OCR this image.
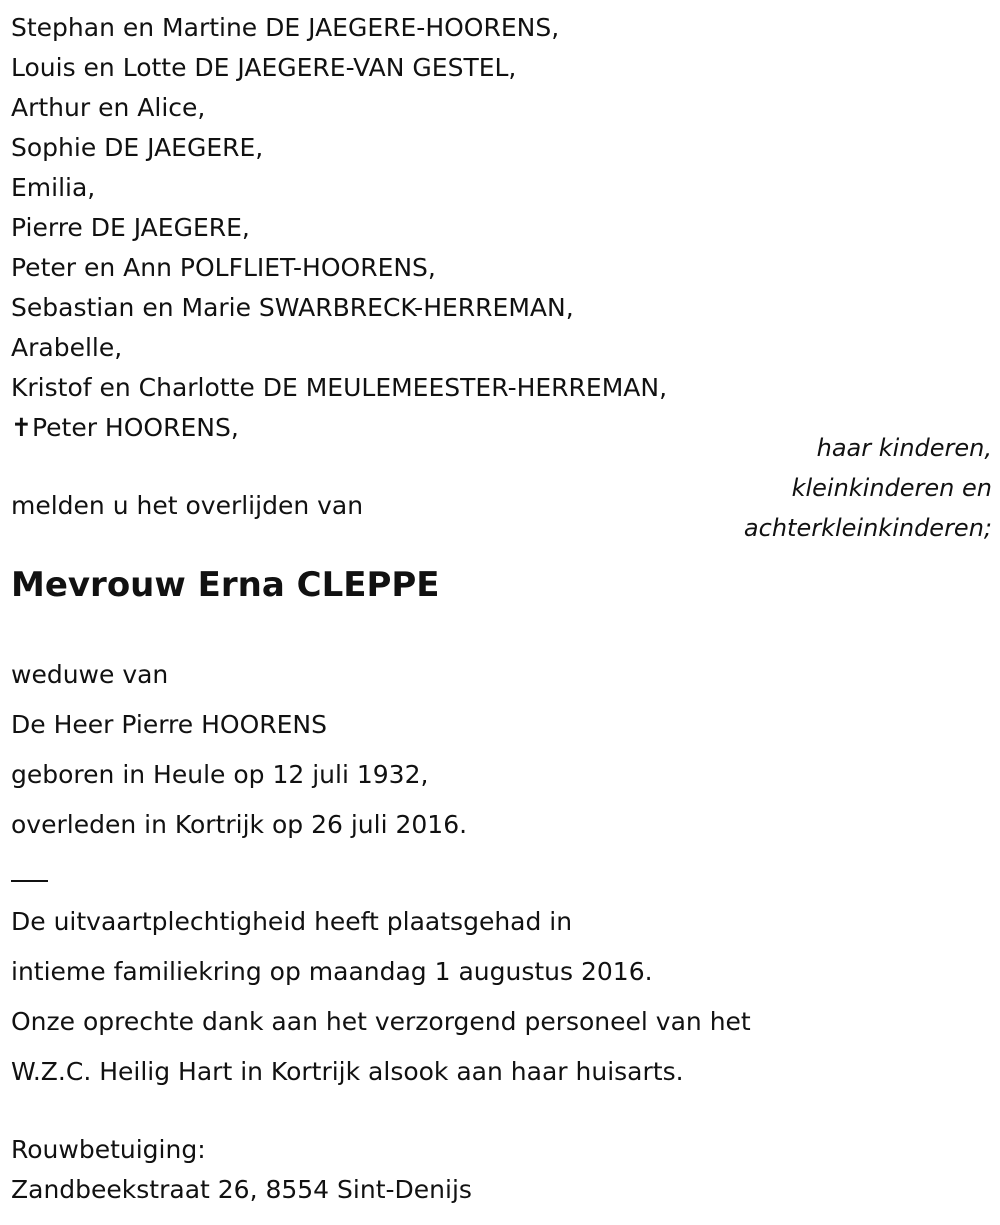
Stephan en Martine DE JAEGERE-HOORENS,
Louis en Lotte DE JAEGERE-VAN GESTEL,
Arthur en Alice,
Sophie DE JAEGERE,
Emilia,
Pierre DE JAEGERE,
Peter en Ann POLFLIET-HOORENS,
Sebastian en Marie SWARBRECK-HERREMAN,
Arabelle,
Kristof en Charlotte DE MEULEMEESTER-HERREMAN,
✝Peter HOORENS,
haar kinderen,
kleinkinderen en
achterkleinkinderen;
melden u het overlijden van
Mevrouw Erna CLEPPE
weduwe van
De Heer Pierre HOORENS
geboren in Heule op 12 juli 1932,
overleden in Kortrijk op 26 juli 2016.
De uitvaartplechtigheid heeft plaatsgehad in
intieme familiekring op maandag 1 augustus 2016.
Onze oprechte dank aan het verzorgend personeel van het
W.Z.C. Heilig Hart in Kortrijk alsook aan haar huisarts.
Rouwbetuiging:
Zandbeekstraat 26, 8554 Sint-Denijs
